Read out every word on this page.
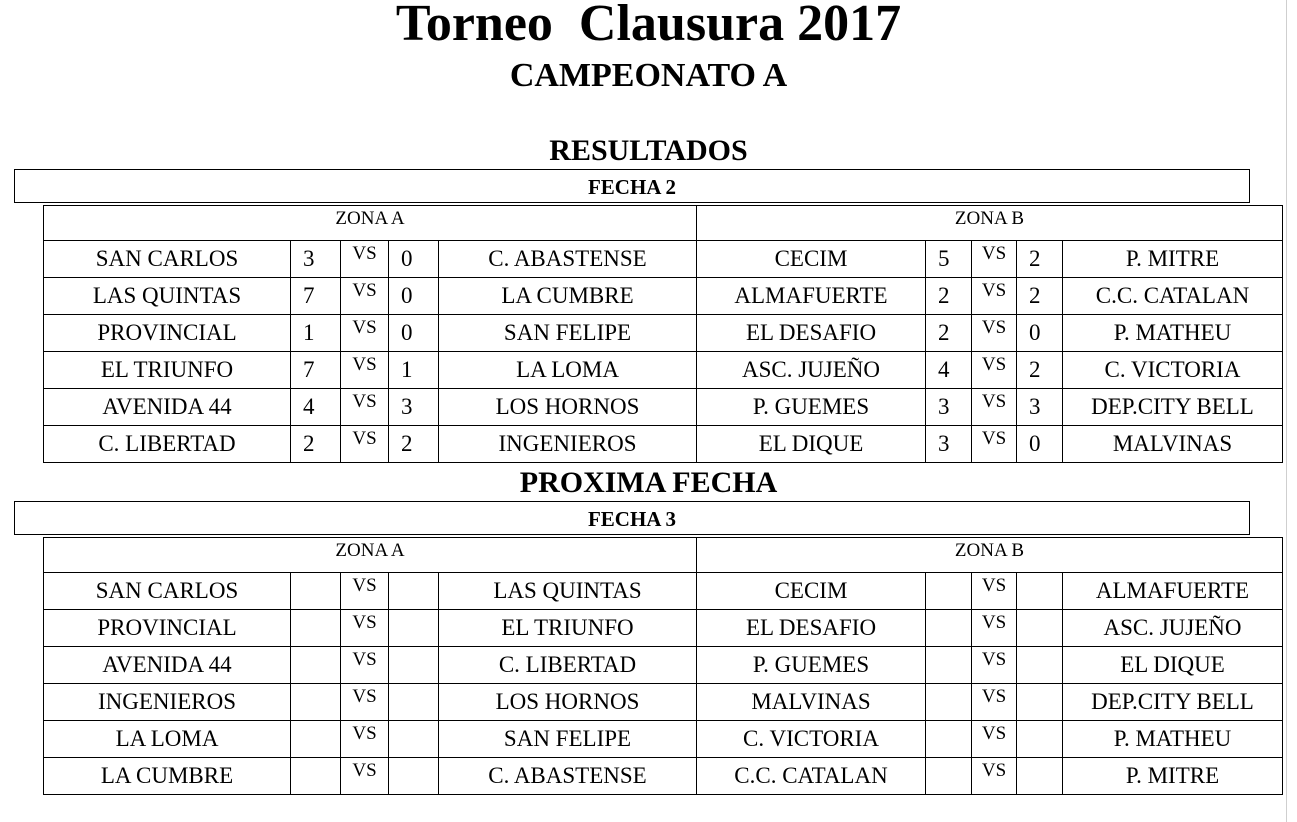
Torneo  Clausura 2017
CAMPEONATO A
RESULTADOS
FECHA 2
ZONA A					ZONA B				
SAN CARLOS	3	VS	0	C. ABASTENSE	CECIM	5	VS	2	P. MITRE
LAS QUINTAS	7	VS	0	LA CUMBRE	ALMAFUERTE	2	VS	2	C.C. CATALAN
PROVINCIAL	1	VS	0	SAN FELIPE	EL DESAFIO	2	VS	0	P. MATHEU
EL TRIUNFO	7	VS	1	LA LOMA	ASC. JUJEÑO	4	VS	2	C. VICTORIA
AVENIDA 44	4	VS	3	LOS HORNOS	P. GUEMES	3	VS	3	DEP.CITY BELL
C. LIBERTAD	2	VS	2	INGENIEROS	EL DIQUE	3	VS	0	MALVINAS
PROXIMA FECHA
FECHA 3
ZONA A					ZONA B				
SAN CARLOS		VS		LAS QUINTAS	CECIM		VS		ALMAFUERTE
PROVINCIAL		VS		EL TRIUNFO	EL DESAFIO		VS		ASC. JUJEÑO
AVENIDA 44		VS		C. LIBERTAD	P. GUEMES		VS		EL DIQUE
INGENIEROS		VS		LOS HORNOS	MALVINAS		VS		DEP.CITY BELL
LA LOMA		VS		SAN FELIPE	C. VICTORIA		VS		P. MATHEU
LA CUMBRE		VS		C. ABASTENSE	C.C. CATALAN		VS		P. MITRE
